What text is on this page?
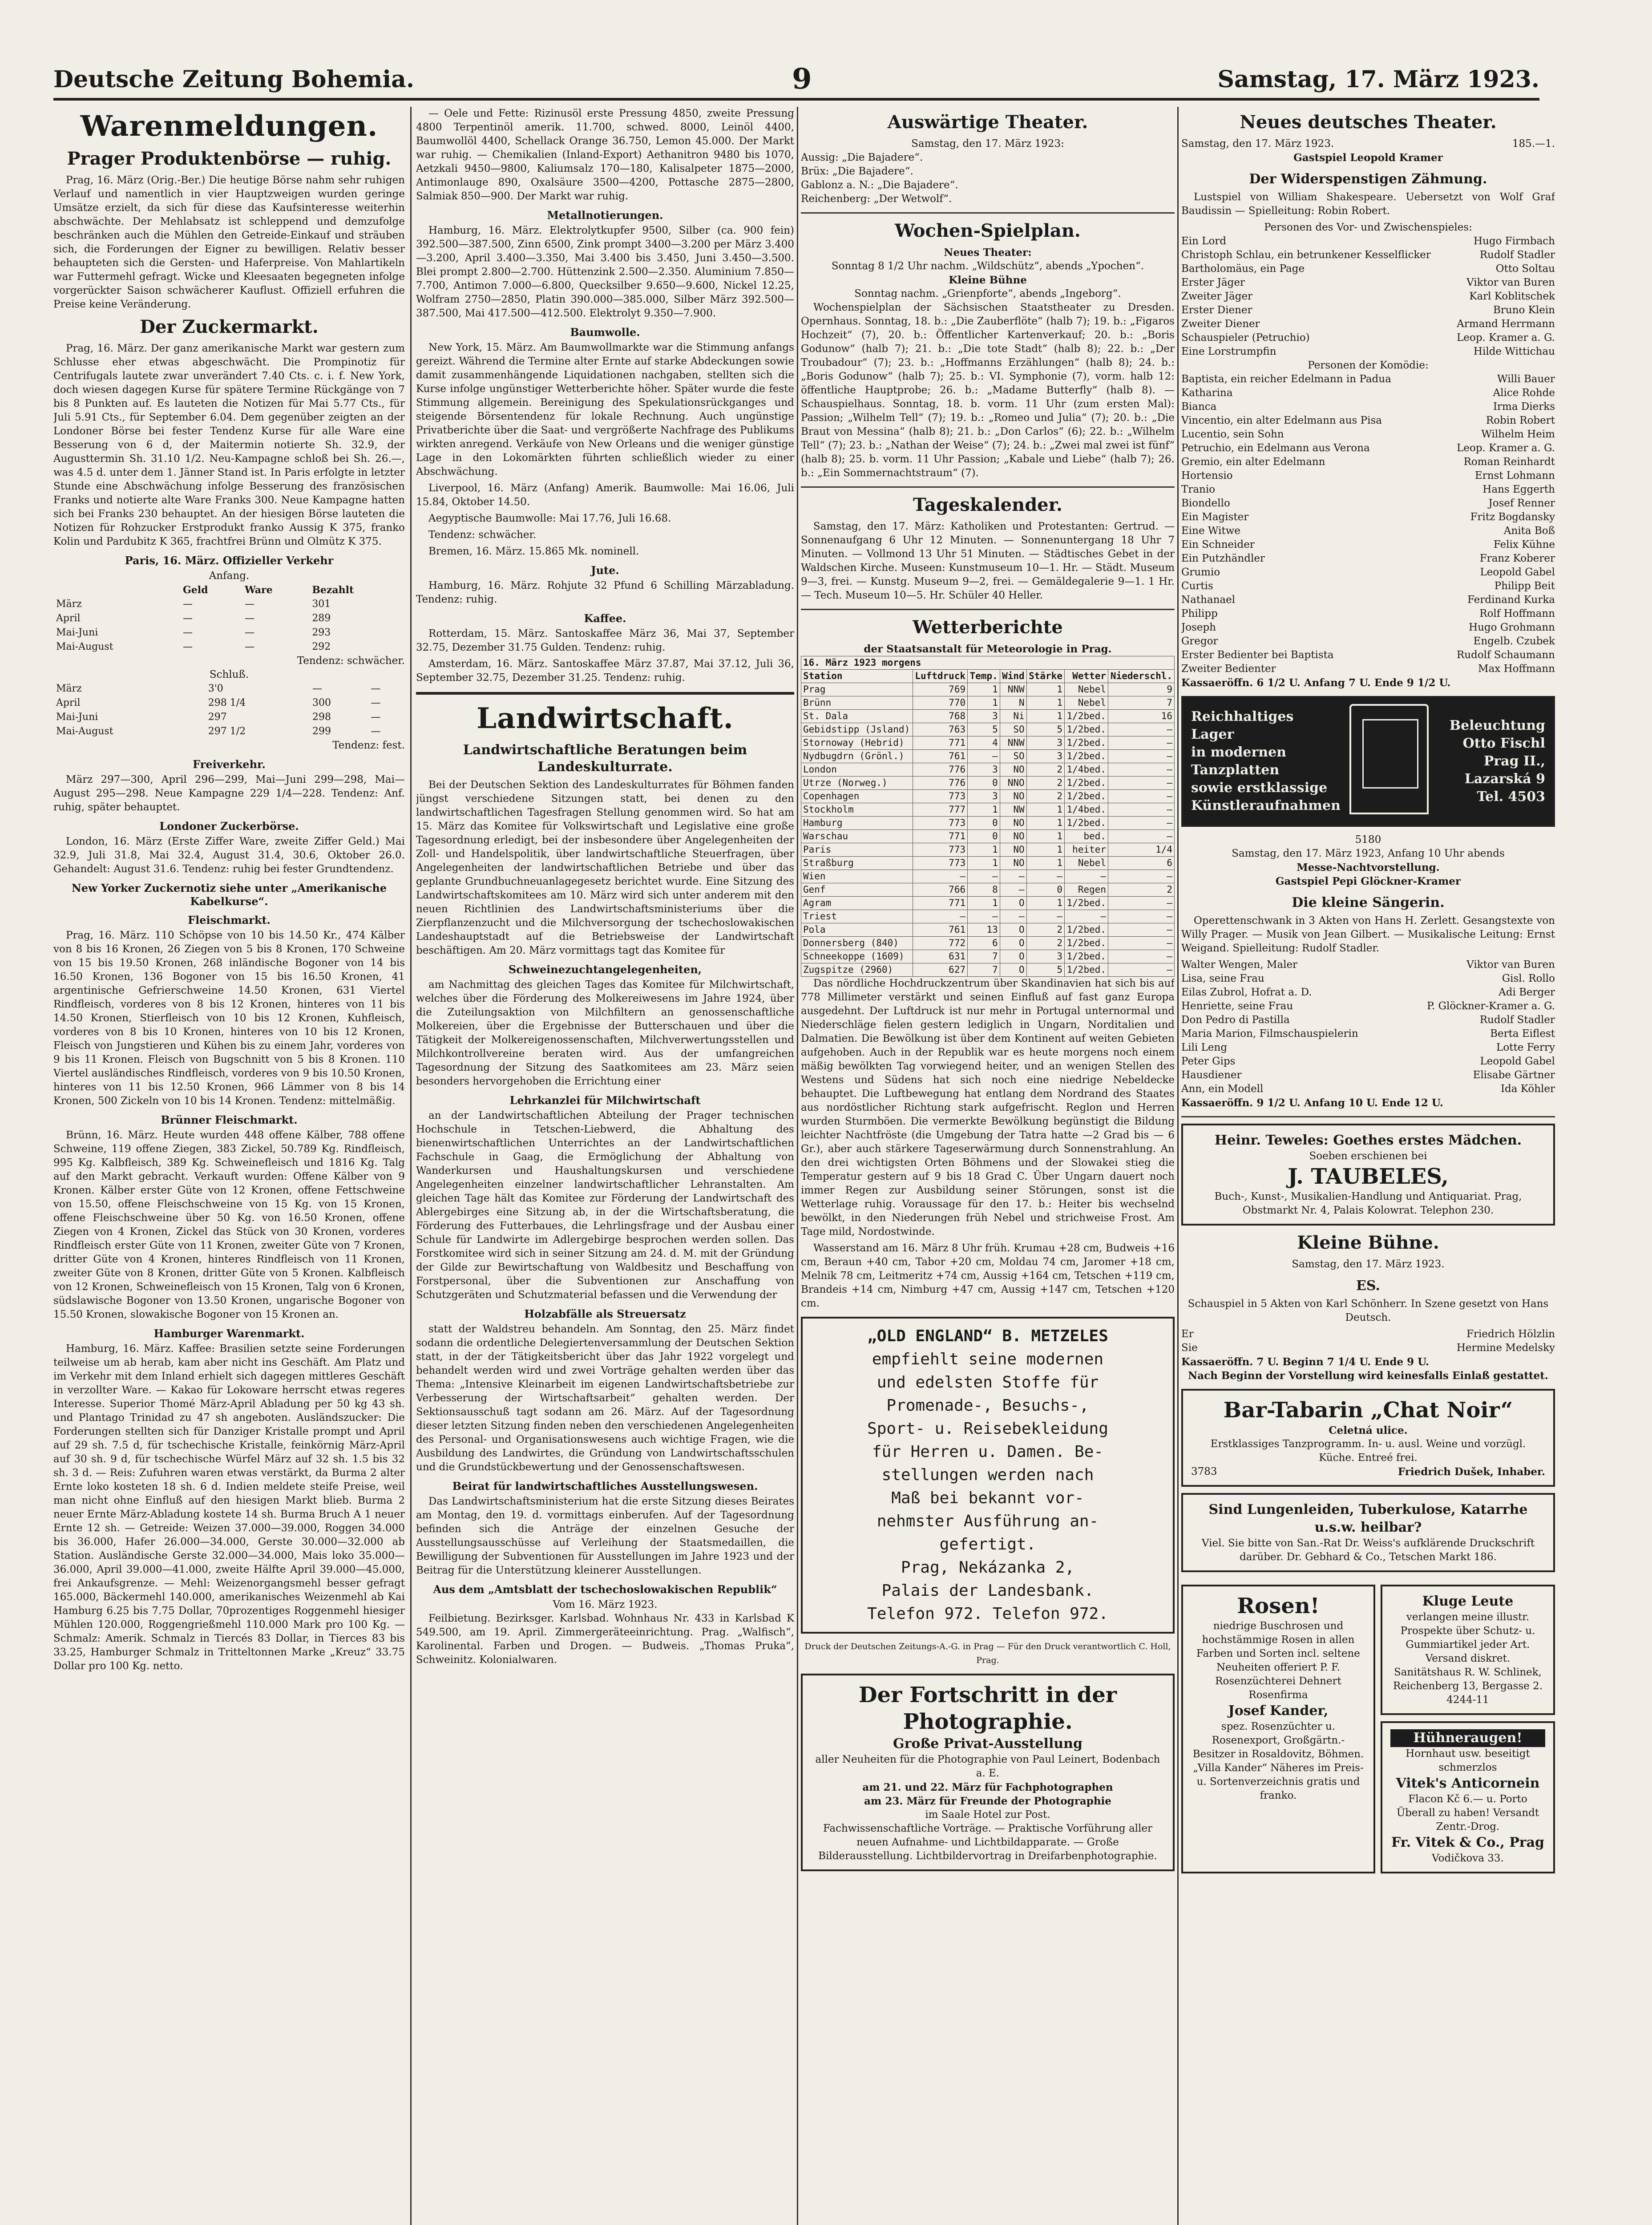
Deutsche Zeitung Bohemia.	9	Samstag, 17. März 1923.
Warenmeldungen.
Prager Produktenbörse — ruhig.

Prag, 16. März (Orig.-Ber.) Die heutige Börse nahm sehr ruhigen Verlauf und namentlich in vier Hauptzweigen wurden geringe Umsätze erzielt, da sich für diese das Kaufsinteresse weiterhin abschwächte. Der Mehlabsatz ist schleppend und demzufolge beschränken auch die Mühlen den Getreide-Einkauf und sträuben sich, die Forderungen der Eigner zu bewilligen. Relativ besser behaupteten sich die Gersten- und Haferpreise. Von Mahlartikeln war Futtermehl gefragt. Wicke und Kleesaaten begegneten infolge vorgerückter Saison schwächerer Kauflust. Offiziell erfuhren die Preise keine Veränderung.

Der Zuckermarkt.

Prag, 16. März. Der ganz amerikanische Markt war gestern zum Schlusse eher etwas abgeschwächt. Die Prompinotiz für Centrifugals lautete zwar unverändert 7.40 Cts. c. i. f. New York, doch wiesen dagegen Kurse für spätere Termine Rückgänge von 7 bis 8 Punkten auf. Es lauteten die Notizen für Mai 5.77 Cts., für Juli 5.91 Cts., für September 6.04. Dem gegenüber zeigten an der Londoner Börse bei fester Tendenz Kurse für alle Ware eine Besserung von 6 d, der Maitermin notierte Sh. 32.9, der Augusttermin Sh. 31.10 1/2. Neu-Kampagne schloß bei Sh. 26.—, was 4.5 d. unter dem 1. Jänner Stand ist. In Paris erfolgte in letzter Stunde eine Abschwächung infolge Besserung des französischen Franks und notierte alte Ware Franks 300. Neue Kampagne hatten sich bei Franks 230 behauptet. An der hiesigen Börse lauteten die Notizen für Rohzucker Erstprodukt franko Aussig K 375, franko Kolin und Pardubitz K 365, frachtfrei Brünn und Olmütz K 375.

Paris, 16. März. Offizieller Verkehr
Anfang.
	Geld	Ware	Bezahlt
März	—	—	301
April	—	—	289
Mai-Juni	—	—	293
Mai-August	—	—	292
Tendenz: schwächer.
Schluß.
März	3'0	—	—
April	298 1/4	300	—
Mai-Juni	297	298	—
Mai-August	297 1/2	299	—
Tendenz: fest.
Freiverkehr.

März 297—300, April 296—299, Mai—Juni 299—298, Mai—August 295—298. Neue Kampagne 229 1/4—228. Tendenz: Anf. ruhig, später behauptet.

Londoner Zuckerbörse.

London, 16. März (Erste Ziffer Ware, zweite Ziffer Geld.) Mai 32.9, Juli 31.8, Mai 32.4, August 31.4, 30.6, Oktober 26.0. Gehandelt: August 31.6. Tendenz: ruhig bei fester Grundtendenz.

New Yorker Zuckernotiz siehe unter „Amerikanische Kabelkurse“.
Fleischmarkt.

Prag, 16. März. 110 Schöpse von 10 bis 14.50 Kr., 474 Kälber von 8 bis 16 Kronen, 26 Ziegen von 5 bis 8 Kronen, 170 Schweine von 15 bis 19.50 Kronen, 268 inländische Bogoner von 14 bis 16.50 Kronen, 136 Bogoner von 15 bis 16.50 Kronen, 41 argentinische Gefrierschweine 14.50 Kronen, 631 Viertel Rindfleisch, vorderes von 8 bis 12 Kronen, hinteres von 11 bis 14.50 Kronen, Stierfleisch von 10 bis 12 Kronen, Kuhfleisch, vorderes von 8 bis 10 Kronen, hinteres von 10 bis 12 Kronen, Fleisch von Jungstieren und Kühen bis zu einem Jahr, vorderes von 9 bis 11 Kronen. Fleisch von Bugschnitt von 5 bis 8 Kronen. 110 Viertel ausländisches Rindfleisch, vorderes von 9 bis 10.50 Kronen, hinteres von 11 bis 12.50 Kronen, 966 Lämmer von 8 bis 14 Kronen, 500 Zickeln von 10 bis 14 Kronen. Tendenz: mittelmäßig.

Brünner Fleischmarkt.

Brünn, 16. März. Heute wurden 448 offene Kälber, 788 offene Schweine, 119 offene Ziegen, 383 Zickel, 50.789 Kg. Rindfleisch, 995 Kg. Kalbfleisch, 389 Kg. Schweinefleisch und 1816 Kg. Talg auf den Markt gebracht. Verkauft wurden: Offene Kälber von 9 Kronen. Kälber erster Güte von 12 Kronen, offene Fettschweine von 15.50, offene Fleischschweine von 15 Kg. von 15 Kronen, offene Fleischschweine über 50 Kg. von 16.50 Kronen, offene Ziegen von 4 Kronen, Zickel das Stück von 30 Kronen, vorderes Rindfleisch erster Güte von 11 Kronen, zweiter Güte von 7 Kronen, dritter Güte von 4 Kronen, hinteres Rindfleisch von 11 Kronen, zweiter Güte von 8 Kronen, dritter Güte von 5 Kronen. Kalbfleisch von 12 Kronen, Schweinefleisch von 15 Kronen, Talg von 6 Kronen, südslawische Bogoner von 13.50 Kronen, ungarische Bogoner von 15.50 Kronen, slowakische Bogoner von 15 Kronen an.

Hamburger Warenmarkt.

Hamburg, 16. März. Kaffee: Brasilien setzte seine Forderungen teilweise um ab herab, kam aber nicht ins Geschäft. Am Platz und im Verkehr mit dem Inland erhielt sich dagegen mittleres Geschäft in verzollter Ware. — Kakao für Lokoware herrscht etwas regeres Interesse. Superior Thomé März-April Abladung per 50 kg 43 sh. und Plantago Trinidad zu 47 sh angeboten. Ausländszucker: Die Forderungen stellten sich für Danziger Kristalle prompt und April auf 29 sh. 7.5 d, für tschechische Kristalle, feinkörnig März-April auf 30 sh. 9 d, für tschechische Würfel März auf 32 sh. 1.5 bis 32 sh. 3 d. — Reis: Zufuhren waren etwas verstärkt, da Burma 2 alter Ernte loko kosteten 18 sh. 6 d. Indien meldete steife Preise, weil man nicht ohne Einfluß auf den hiesigen Markt blieb. Burma 2 neuer Ernte März-Abladung kostete 14 sh. Burma Bruch A 1 neuer Ernte 12 sh. — Getreide: Weizen 37.000—39.000, Roggen 34.000 bis 36.000, Hafer 26.000—34.000, Gerste 30.000—32.000 ab Station. Ausländische Gerste 32.000—34.000, Mais loko 35.000—36.000, April 39.000—41.000, zweite Hälfte April 39.000—45.000, frei Ankaufsgrenze. — Mehl: Weizenorgangsmehl besser gefragt 165.000, Bäckermehl 140.000, amerikanisches Weizenmehl ab Kai Hamburg 6.25 bis 7.75 Dollar, 70prozentiges Roggenmehl hiesiger Mühlen 120.000, Roggengrießmehl 110.000 Mark pro 100 Kg. — Schmalz: Amerik. Schmalz in Tiercés 83 Dollar, in Tierces 83 bis 33.25, Hamburger Schmalz in Tritteltonnen Marke „Kreuz“ 33.75 Dollar pro 100 Kg. netto.

— Oele und Fette: Rizinusöl erste Pressung 4850, zweite Pressung 4800 Terpentinöl amerik. 11.700, schwed. 8000, Leinöl 4400, Baumwollöl 4400, Schellack Orange 36.750, Lemon 45.000. Der Markt war ruhig. — Chemikalien (Inland-Export) Aethanitron 9480 bis 1070, Aetzkali 9450—9800, Kaliumsalz 170—180, Kalisalpeter 1875—2000, Antimonlauge 890, Oxalsäure 3500—4200, Pottasche 2875—2800, Salmiak 850—900. Der Markt war ruhig.

Metallnotierungen.

Hamburg, 16. März. Elektrolytkupfer 9500, Silber (ca. 900 fein) 392.500—387.500, Zinn 6500, Zink prompt 3400—3.200 per März 3.400—3.200, April 3.400—3.350, Mai 3.400 bis 3.450, Juni 3.450—3.500. Blei prompt 2.800—2.700. Hüttenzink 2.500—2.350. Aluminium 7.850—7.700, Antimon 7.000—6.800, Quecksilber 9.650—9.600, Nickel 12.25, Wolfram 2750—2850, Platin 390.000—385.000, Silber März 392.500—387.500, Mai 417.500—412.500. Elektrolyt 9.350—7.900.

Baumwolle.

New York, 15. März. Am Baumwollmarkte war die Stimmung anfangs gereizt. Während die Termine alter Ernte auf starke Abdeckungen sowie damit zusammenhängende Liquidationen nachgaben, stellten sich die Kurse infolge ungünstiger Wetterberichte höher. Später wurde die feste Stimmung allgemein. Bereinigung des Spekulationsrückganges und steigende Börsentendenz für lokale Rechnung. Auch ungünstige Privatberichte über die Saat- und vergrößerte Nachfrage des Publikums wirkten anregend. Verkäufe von New Orleans und die weniger günstige Lage in den Lokomärkten führten schließlich wieder zu einer Abschwächung.

Liverpool, 16. März (Anfang) Amerik. Baumwolle: Mai 16.06, Juli 15.84, Oktober 14.50.

Aegyptische Baumwolle: Mai 17.76, Juli 16.68.

Tendenz: schwächer.

Bremen, 16. März. 15.865 Mk. nominell.

Jute.

Hamburg, 16. März. Rohjute 32 Pfund 6 Schilling Märzabladung. Tendenz: ruhig.

Kaffee.

Rotterdam, 15. März. Santoskaffee März 36, Mai 37, September 32.75, Dezember 31.75 Gulden. Tendenz: ruhig.

Amsterdam, 16. März. Santoskaffee März 37.87, Mai 37.12, Juli 36, September 32.75, Dezember 31.25. Tendenz: ruhig.

Landwirtschaft.
Landwirtschaftliche Beratungen beim Landeskulturrate.

Bei der Deutschen Sektion des Landeskulturrates für Böhmen fanden jüngst verschiedene Sitzungen statt, bei denen zu den landwirtschaftlichen Tagesfragen Stellung genommen wird. So hat am 15. März das Komitee für Volkswirtschaft und Legislative eine große Tagesordnung erledigt, bei der insbesondere über Angelegenheiten der Zoll- und Handelspolitik, über landwirtschaftliche Steuerfragen, über Angelegenheiten der landwirtschaftlichen Betriebe und über das geplante Grundbuchneuanlagegesetz berichtet wurde. Eine Sitzung des Landwirtschaftskomitees am 10. März wird sich unter anderem mit den neuen Richtlinien des Landwirtschaftsministeriums über die Zierpflanzenzucht und die Milchversorgung der tschechoslowakischen Landeshauptstadt auf die Betriebsweise der Landwirtschaft beschäftigen. Am 20. März vormittags tagt das Komitee für

Schweinezuchtangelegenheiten,

am Nachmittag des gleichen Tages das Komitee für Milchwirtschaft, welches über die Förderung des Molkereiwesens im Jahre 1924, über die Zuteilungsaktion von Milchfiltern an genossenschaftliche Molkereien, über die Ergebnisse der Butterschauen und über die Tätigkeit der Molkereigenossenschaften, Milchverwertungsstellen und Milchkontrollvereine beraten wird. Aus der umfangreichen Tagesordnung der Sitzung des Saatkomitees am 23. März seien besonders hervorgehoben die Errichtung einer

Lehrkanzlei für Milchwirtschaft

an der Landwirtschaftlichen Abteilung der Prager technischen Hochschule in Tetschen-Liebwerd, die Abhaltung des bienenwirtschaftlichen Unterrichtes an der Landwirtschaftlichen Fachschule in Gaag, die Ermöglichung der Abhaltung von Wanderkursen und Haushaltungskursen und verschiedene Angelegenheiten einzelner landwirtschaftlicher Lehranstalten. Am gleichen Tage hält das Komitee zur Förderung der Landwirtschaft des Ablergebirges eine Sitzung ab, in der die Wirtschaftsberatung, die Förderung des Futterbaues, die Lehrlingsfrage und der Ausbau einer Schule für Landwirte im Adlergebirge besprochen werden sollen. Das Forstkomitee wird sich in seiner Sitzung am 24. d. M. mit der Gründung der Gilde zur Bewirtschaftung von Waldbesitz und Beschaffung von Forstpersonal, über die Subventionen zur Anschaffung von Schutzgeräten und Schutzmaterial befassen und die Verwendung der

Holzabfälle als Streuersatz

statt der Waldstreu behandeln. Am Sonntag, den 25. März findet sodann die ordentliche Delegiertenversammlung der Deutschen Sektion statt, in der der Tätigkeitsbericht über das Jahr 1922 vorgelegt und behandelt werden wird und zwei Vorträge gehalten werden über das Thema: „Intensive Kleinarbeit im eigenen Landwirtschaftsbetriebe zur Verbesserung der Wirtschaftsarbeit“ gehalten werden. Der Sektionsausschuß tagt sodann am 26. März. Auf der Tagesordnung dieser letzten Sitzung finden neben den verschiedenen Angelegenheiten des Personal- und Organisationswesens auch wichtige Fragen, wie die Ausbildung des Landwirtes, die Gründung von Landwirtschaftsschulen und die Grundstückbewertung und der Genossenschaftswesen.

Beirat für landwirtschaftliches Ausstellungswesen.

Das Landwirtschaftsministerium hat die erste Sitzung dieses Beirates am Montag, den 19. d. vormittags einberufen. Auf der Tagesordnung befinden sich die Anträge der einzelnen Gesuche der Ausstellungsausschüsse auf Verleihung der Staatsmedaillen, die Bewilligung der Subventionen für Ausstellungen im Jahre 1923 und der Beitrag für die Unterstützung kleinerer Ausstellungen.

Aus dem „Amtsblatt der tschechoslowakischen Republik“
Vom 16. März 1923.

Feilbietung. Bezirksger. Karlsbad. Wohnhaus Nr. 433 in Karlsbad K 549.500, am 19. April. Zimmergeräteeinrichtung. Prag. „Walfisch“, Karolinental. Farben und Drogen. — Budweis. „Thomas Pruka“, Schweinitz. Kolonialwaren.

Auswärtige Theater.
Samstag, den 17. März 1923:
Aussig: „Die Bajadere“.
Brüx: „Die Bajadere“.
Gablonz a. N.: „Die Bajadere“.
Reichenberg: „Der Wetwolf“.
Wochen-Spielplan.
Neues Theater:
Sonntag 8 1/2 Uhr nachm. „Wildschütz“, abends „Ypochen“.
Kleine Bühne
Sonntag nachm. „Grienpforte“, abends „Ingeborg“.

Wochenspielplan der Sächsischen Staatstheater zu Dresden. Opernhaus. Sonntag, 18. b.: „Die Zauberflöte“ (halb 7); 19. b.: „Figaros Hochzeit“ (7), 20. b.: Öffentlicher Kartenverkauf; 20. b.: „Boris Godunow“ (halb 7); 21. b.: „Die tote Stadt“ (halb 8); 22. b.: „Der Troubadour“ (7); 23. b.: „Hoffmanns Erzählungen“ (halb 8); 24. b.: „Boris Godunow“ (halb 7); 25. b.: VI. Symphonie (7), vorm. halb 12: öffentliche Hauptprobe; 26. b.: „Madame Butterfly“ (halb 8). — Schauspielhaus. Sonntag, 18. b. vorm. 11 Uhr (zum ersten Mal): Passion; „Wilhelm Tell“ (7); 19. b.: „Romeo und Julia“ (7); 20. b.: „Die Braut von Messina“ (halb 8); 21. b.: „Don Carlos“ (6); 22. b.: „Wilhelm Tell“ (7); 23. b.: „Nathan der Weise“ (7); 24. b.: „Zwei mal zwei ist fünf“ (halb 8); 25. b. vorm. 11 Uhr Passion; „Kabale und Liebe“ (halb 7); 26. b.: „Ein Sommernachtstraum“ (7).

Tageskalender.

Samstag, den 17. März: Katholiken und Protestanten: Gertrud. — Sonnenaufgang 6 Uhr 12 Minuten. — Sonnenuntergang 18 Uhr 7 Minuten. — Vollmond 13 Uhr 51 Minuten. — Städtisches Gebet in der Waldschen Kirche. Museen: Kunstmuseum 10—1. Hr. — Städt. Museum 9—3, frei. — Kunstg. Museum 9—2, frei. — Gemäldegalerie 9—1. 1 Hr. — Tech. Museum 10—5. Hr. Schüler 40 Heller.

Wetterberichte
der Staatsanstalt für Meteorologie in Prag.
16. März 1923 morgens						
Station	Luftdruck	Temp.	Wind	Stärke	Wetter	Niederschl.
Prag	769	1	NNW	1	Nebel	9
Brünn	770	1	N	1	Nebel	7
St. Dala	768	3	Ni	1	1/2bed.	16
Gebidstipp (Jsland)	763	5	SO	5	1/2bed.	—
Stornoway (Hebrid)	771	4	NNW	3	1/2bed.	—
Nydbugdrn (Grönl.)	761	—	SO	3	1/2bed.	—
London	776	3	NO	2	1/4bed.	—
Utrze (Norweg.)	776	0	NNO	2	1/2bed.	—
Copenhagen	773	3	NO	2	1/2bed.	—
Stockholm	777	1	NW	1	1/4bed.	—
Hamburg	773	0	NO	1	1/2bed.	—
Warschau	771	0	NO	1	bed.	—
Paris	773	1	NO	1	heiter	1/4
Straßburg	773	1	NO	1	Nebel	6
Wien	—	—	—	—	—	—
Genf	766	8	—	0	Regen	2
Agram	771	1	O	1	1/2bed.	—
Triest	—	—	—	—	—	—
Pola	761	13	O	2	1/2bed.	—
Donnersberg (840)	772	6	O	2	1/2bed.	—
Schneekoppe (1609)	631	7	O	3	1/2bed.	—
Zugspitze (2960)	627	7	O	5	1/2bed.	—

Das nördliche Hochdruckzentrum über Skandinavien hat sich bis auf 778 Millimeter verstärkt und seinen Einfluß auf fast ganz Europa ausgedehnt. Der Luftdruck ist nur mehr in Portugal unternormal und Niederschläge fielen gestern lediglich in Ungarn, Norditalien und Dalmatien. Die Bewölkung ist über dem Kontinent auf weiten Gebieten aufgehoben. Auch in der Republik war es heute morgens noch einem mäßig bewölkten Tag vorwiegend heiter, und an wenigen Stellen des Westens und Südens hat sich noch eine niedrige Nebeldecke behauptet. Die Luftbewegung hat entlang dem Nordrand des Staates aus nordöstlicher Richtung stark aufgefrischt. Reglon und Herren wurden Sturmböen. Die vermerkte Bewölkung begünstigt die Bildung leichter Nachtfröste (die Umgebung der Tatra hatte —2 Grad bis — 6 Gr.), aber auch stärkere Tageserwärmung durch Sonnenstrahlung. An den drei wichtigsten Orten Böhmens und der Slowakei stieg die Temperatur gestern auf 9 bis 18 Grad C. Über Ungarn dauert noch immer Regen zur Ausbildung seiner Störungen, sonst ist die Wetterlage ruhig. Voraussage für den 17. b.: Heiter bis wechselnd bewölkt, in den Niederungen früh Nebel und strichweise Frost. Am Tage mild, Nordostwinde.

Wasserstand am 16. März 8 Uhr früh. Krumau +28 cm, Budweis +16 cm, Beraun +40 cm, Tabor +20 cm, Moldau 74 cm, Jaromer +18 cm, Melnik 78 cm, Leitmeritz +74 cm, Aussig +164 cm, Tetschen +119 cm, Brandeis +14 cm, Nimburg +47 cm, Aussig +147 cm, Tetschen +120 cm.

„OLD ENGLAND“ B. METZELES
empfiehlt seine modernen
und edelsten Stoffe für
Promenade-, Besuchs-,
Sport- u. Reisebekleidung
für Herren u. Damen. Be-
stellungen werden nach
Maß bei bekannt vor-
nehmster Ausführung an-
gefertigt.
Prag, Nekázanka 2,
Palais der Landesbank.
Telefon 972. Telefon 972.
Druck der Deutschen Zeitungs-A.-G. in Prag — Für den Druck verantwortlich C. Holl, Prag.
Der Fortschritt in der Photographie.
Große Privat-Ausstellung
aller Neuheiten für die Photographie von Paul Leinert, Bodenbach a. E.
am 21. und 22. März für Fachphotographen
am 23. März für Freunde der Photographie
im Saale Hotel zur Post.
Fachwissenschaftliche Vorträge. — Praktische Vorführung aller neuen Aufnahme- und Lichtbildapparate. — Große Bilderausstellung. Lichtbildervortrag in Dreifarbenphotographie.
Neues deutsches Theater.
Samstag, den 17. März 1923.	185.—1.
Gastspiel Leopold Kramer
Der Widerspenstigen Zähmung.

Lustspiel von William Shakespeare. Uebersetzt von Wolf Graf Baudissin — Spielleitung: Robin Robert.

Personen des Vor- und Zwischenspieles:
Ein Lord	Hugo Firmbach
Christoph Schlau, ein betrunkener Kesselflicker	Rudolf Stadler
Bartholomäus, ein Page	Otto Soltau
Erster Jäger	Viktor van Buren
Zweiter Jäger	Karl Koblitschek
Erster Diener	Bruno Klein
Zweiter Diener	Armand Herrmann
Schauspieler (Petruchio)	Leop. Kramer a. G.
Eine Lorstrumpfin	Hilde Wittichau
Personen der Komödie:
Baptista, ein reicher Edelmann in Padua	Willi Bauer
Katharina	Alice Rohde
Bianca	Irma Dierks
Vincentio, ein alter Edelmann aus Pisa	Robin Robert
Lucentio, sein Sohn	Wilhelm Heim
Petruchio, ein Edelmann aus Verona	Leop. Kramer a. G.
Gremio, ein alter Edelmann	Roman Reinhardt
Hortensio	Ernst Lohmann
Tranio	Hans Eggerth
Biondello	Josef Renner
Ein Magister	Fritz Bogdansky
Eine Witwe	Anita Boß
Ein Schneider	Felix Kühne
Ein Putzhändler	Franz Koberer
Grumio	Leopold Gabel
Curtis	Philipp Beit
Nathanael	Ferdinand Kurka
Philipp	Rolf Hoffmann
Joseph	Hugo Grohmann
Gregor	Engelb. Czubek
Erster Bedienter bei Baptista	Rudolf Schaumann
Zweiter Bedienter	Max Hoffmann
Kassaeröffn. 6 1/2 U. Anfang 7 U. Ende 9 1/2 U.
Reichhaltiges Lager
in modernen
Tanzplatten
sowie erstklassige
Künstleraufnahmen
Beleuchtung Otto Fischl
Prag II., Lazarská 9
Tel. 4503
5180
Samstag, den 17. März 1923, Anfang 10 Uhr abends
Messe-Nachtvorstellung.
Gastspiel Pepi Glöckner-Kramer
Die kleine Sängerin.

Operettenschwank in 3 Akten von Hans H. Zerlett. Gesangstexte von Willy Prager. — Musik von Jean Gilbert. — Musikalische Leitung: Ernst Weigand. Spielleitung: Rudolf Stadler.

Walter Wengen, Maler	Viktor van Buren
Lisa, seine Frau	Gisl. Rollo
Eilas Zubrol, Hofrat a. D.	Adi Berger
Henriette, seine Frau	P. Glöckner-Kramer a. G.
Don Pedro di Pastilla	Rudolf Stadler
Maria Marion, Filmschauspielerin	Berta Eiflest
Lili Leng	Lotte Ferry
Peter Gips	Leopold Gabel
Hausdiener	Elisabe Gärtner
Ann, ein Modell	Ida Köhler
Kassaeröffn. 9 1/2 U. Anfang 10 U. Ende 12 U.
Heinr. Teweles: Goethes erstes Mädchen.
Soeben erschienen bei
J. TAUBELES,
Buch-, Kunst-, Musikalien-Handlung und Antiquariat. Prag, Obstmarkt Nr. 4, Palais Kolowrat. Telephon 230.
Kleine Bühne.
Samstag, den 17. März 1923.
ES.

Schauspiel in 5 Akten von Karl Schönherr. In Szene gesetzt von Hans Deutsch.

Er	Friedrich Hölzlin
Sie	Hermine Medelsky
Kassaeröffn. 7 U. Beginn 7 1/4 U. Ende 9 U.
Nach Beginn der Vorstellung wird keinesfalls Einlaß gestattet.
Bar-Tabarin „Chat Noir“
Celetná ulice.
Erstklassiges Tanzprogramm. In- u. ausl. Weine und vorzügl. Küche. Entreé frei.
3783	Friedrich Dušek, Inhaber.
Sind Lungenleiden, Tuberkulose, Katarrhe u.s.w. heilbar?
Viel. Sie bitte von San.-Rat Dr. Weiss's aufklärende Druckschrift darüber. Dr. Gebhard & Co., Tetschen Markt 186.
Rosen!
niedrige Buschrosen und hochstämmige Rosen in allen Farben und Sorten incl. seltene Neuheiten offeriert P. F. Rosenzüchterei Dehnert Rosenfirma
Josef Kander,
spez. Rosenzüchter u. Rosenexport, Großgärtn.-Besitzer in Rosaldovitz, Böhmen. „Villa Kander“ Näheres im Preis- u. Sortenverzeichnis gratis und franko.
Kluge Leute
verlangen meine illustr. Prospekte über Schutz- u. Gummiartikel jeder Art. Versand diskret. Sanitätshaus R. W. Schlinek, Reichenberg 13, Bergasse 2.
4244-11
Hühneraugen!
Hornhaut usw. beseitigt schmerzlos
Vitek's Anticornein
Flacon Kč 6.— u. Porto
Überall zu haben! Versandt Zentr.-Drog.
Fr. Vitek & Co., Prag
Vodičkova 33.
